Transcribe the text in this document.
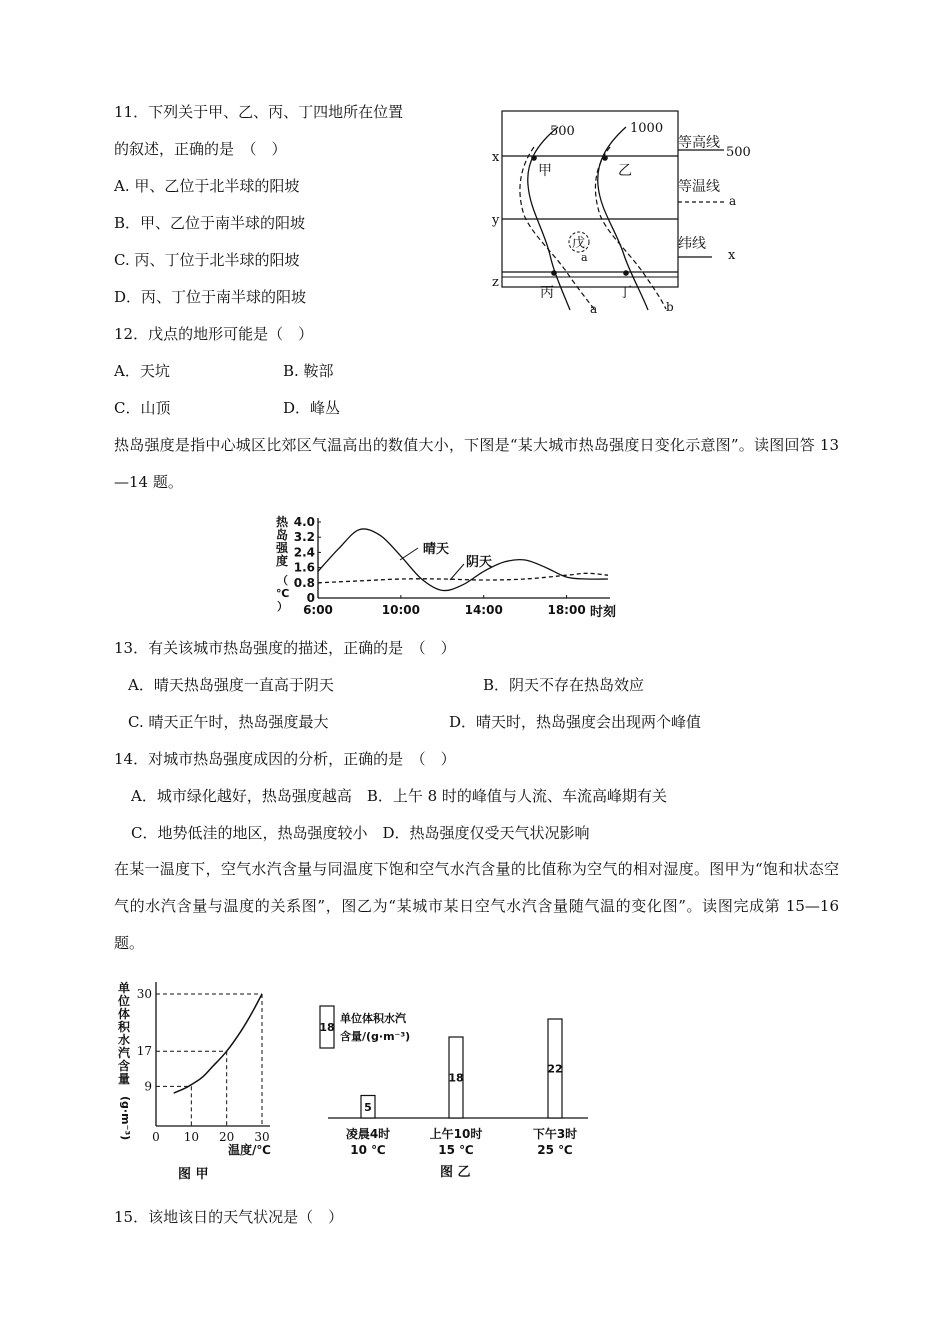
11．下列关于甲、乙、丙、丁四地所在位置
的叙述，正确的是　（　）
A. 甲、乙位于北半球的阳坡
B．甲、乙位于南半球的阳坡
C. 丙、丁位于北半球的阳坡
D．丙、丁位于南半球的阳坡
12．戊点的地形可能是（　）
A．天坑	B. 鞍部
C．山顶	D．峰丛
x
y
z
500	1000
甲	乙
丙	丁
戊
a
a	b
等高线
500
等温线
a
纬线
x
热岛强度是指中心城区比郊区气温高出的数值大小，下图是“某大城市热岛强度日变化示意图”。读图回答 13—14 题。
热
岛
强
度
（
℃
）
0
0.8
1.6
2.4
3.2
4.0
6:00	10:00	14:00	18:00 时刻
晴天
阴天
13．有关该城市热岛强度的描述，正确的是　（　）
A．晴天热岛强度一直高于阴天	B．阴天不存在热岛效应
C. 晴天正午时，热岛强度最大	D．晴天时，热岛强度会出现两个峰值
14．对城市热岛强度成因的分析，正确的是　（　）
A．城市绿化越好，热岛强度越高　B．上午 8 时的峰值与人流、车流高峰期有关
C．地势低洼的地区，热岛强度较小　D．热岛强度仅受天气状况影响
在某一温度下，空气水汽含量与同温度下饱和空气水汽含量的比值称为空气的相对湿度。图甲为“饱和状态空气的水汽含量与温度的关系图”，图乙为“某城市某日空气水汽含量随气温的变化图”。读图完成第 15—16 题。
单
位
体
积
水
汽
含
量
(g·m⁻³) 0 10 20 30
9
17
30
温度/℃
图 甲
18
单位体积水汽
含量/(g·m⁻³)
5
凌晨4时
10 ℃
18
上午10时
15 ℃
22
下午3时
25 ℃
图 乙
15．该地该日的天气状况是（　）
